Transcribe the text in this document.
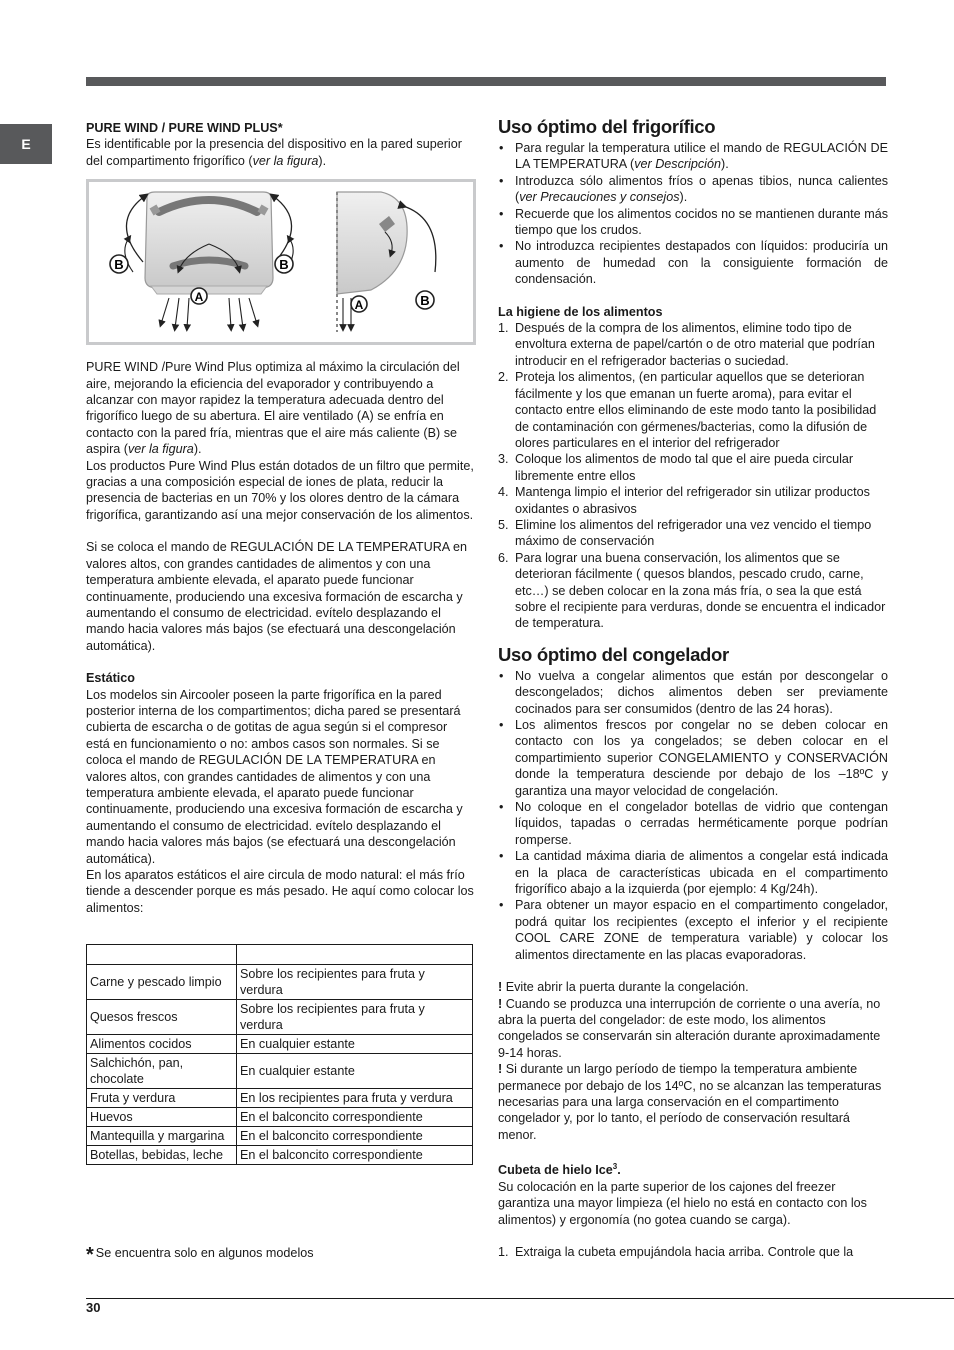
E

PURE WIND / PURE WIND PLUS*

Es identificable por la presencia del dispositivo en la pared superior del compartimento frigorífico (ver la figura).

B	B
A
A	B

PURE WIND /Pure Wind Plus optimiza al máximo la circulación del aire, mejorando la eficiencia del evaporador y contribuyendo a alcanzar con mayor rapidez la temperatura adecuada dentro del frigorífico luego de su abertura. El aire ventilado (A) se enfría en contacto con la pared fría, mientras que el aire más caliente (B) se aspira (ver la figura).

Los productos Pure Wind Plus están dotados de un filtro que permite, gracias a una composición especial de iones de plata, reducir la presencia de bacterias en un 70% y los olores dentro de la cámara frigorífica, garantizando así una mejor conservación de los alimentos.

Si se coloca el mando de REGULACIÓN DE LA TEMPERATURA en valores altos, con grandes cantidades de alimentos y con una temperatura ambiente elevada, el aparato puede funcionar continuamente, produciendo una excesiva formación de escarcha y aumentando el consumo de electricidad. evítelo desplazando el mando hacia valores más bajos (se efectuará una descongelación automática).

Estático

Los modelos sin Aircooler poseen la parte frigorífica en la pared posterior interna de los compartimentos; dicha pared se presentará cubierta de escarcha o de gotitas de agua según si el compresor está en funcionamiento o no: ambos casos son normales. Si se coloca el mando de REGULACIÓN DE LA TEMPERATURA en valores altos, con grandes cantidades de alimentos y con una temperatura ambiente elevada, el aparato puede funcionar continuamente, produciendo una excesiva formación de escarcha y aumentando el consumo de electricidad. evítelo desplazando el mando hacia valores más bajos (se efectuará una descongelación automática).

En los aparatos estáticos el aire circula de modo natural: el más frío tiende a descender porque es más pesado. He aquí como colocar los alimentos:

Carne y pescado limpio	Sobre los recipientes para fruta y verdura
Quesos frescos	Sobre los recipientes para fruta y verdura
Alimentos cocidos	En cualquier estante
Salchichón, pan, chocolate	En cualquier estante
Fruta y verdura	En los recipientes para fruta y verdura
Huevos	En el balconcito correspondiente
Mantequilla y margarina	En el balconcito correspondiente
Botellas, bebidas, leche	En el balconcito correspondiente
* Se encuentra solo en algunos modelos
Uso óptimo del frigorífico
• Para regular la temperatura utilice el mando de REGULACIÓN DE LA TEMPERATURA (ver Descripción).
• Introduzca sólo alimentos fríos o apenas tibios, nunca calientes (ver Precauciones y consejos).
• Recuerde que los alimentos cocidos no se mantienen durante más tiempo que los crudos.
• No introduzca recipientes destapados con líquidos: produciría un aumento de humedad con la consiguiente formación de condensación.

La higiene de los alimentos

1. Después de la compra de los alimentos, elimine todo tipo de envoltura externa de papel/cartón o de otro material que podrían introducir en el refrigerador bacterias o suciedad.
2. Proteja los alimentos, (en particular aquellos que se deterioran fácilmente y los que emanan un fuerte aroma), para evitar el contacto entre ellos eliminando de este modo tanto la posibilidad de contaminación con gérmenes/bacterias, como la difusión de olores particulares en el interior del refrigerador
3. Coloque los alimentos de modo tal que el aire pueda circular libremente entre ellos
4. Mantenga limpio el interior del refrigerador sin utilizar productos oxidantes o abrasivos
5. Elimine los alimentos del refrigerador una vez vencido el tiempo máximo de conservación
6. Para lograr una buena conservación, los alimentos que se deterioran fácilmente ( quesos blandos, pescado crudo, carne, etc…) se deben colocar en la zona más fría, o sea la que está sobre el recipiente para verduras, donde se encuentra el indicador de temperatura.
Uso óptimo del congelador
• No vuelva a congelar alimentos que están por descongelar o descongelados; dichos alimentos deben ser previamente cocinados para ser consumidos (dentro de las 24 horas).
• Los alimentos frescos por congelar no se deben colocar en contacto con los ya congelados; se deben colocar en el compartimiento superior CONGELAMIENTO y CONSERVACIÓN donde la temperatura desciende por debajo de los –18ºC y garantiza una mayor velocidad de congelación.
• No coloque en el congelador botellas de vidrio que contengan líquidos, tapadas o cerradas herméticamente porque podrían romperse.
• La cantidad máxima diaria de alimentos a congelar está indicada en la placa de características ubicada en el compartimento frigorífico abajo a la izquierda (por ejemplo: 4 Kg/24h).
• Para obtener un mayor espacio en el compartimento congelador, podrá quitar los recipientes (excepto el inferior y el recipiente COOL CARE ZONE de temperatura variable) y colocar los alimentos directamente en las placas evaporadoras.

! Evite abrir la puerta durante la congelación.

! Cuando se produzca una interrupción de corriente o una avería, no abra la puerta del congelador: de este modo, los alimentos congelados se conservarán sin alteración durante aproximadamente 9-14 horas.

! Si durante un largo período de tiempo la temperatura ambiente permanece por debajo de los 14ºC, no se alcanzan las temperaturas necesarias para una larga conservación en el compartimento congelador y, por lo tanto, el período de conservación resultará menor.

Cubeta de hielo Ice$^3$.

Su colocación en la parte superior de los cajones del freezer garantiza una mayor limpieza (el hielo no está en contacto con los alimentos) y ergonomía (no gotea cuando se carga).

1. Extraiga la cubeta empujándola hacia arriba. Controle que la
30
